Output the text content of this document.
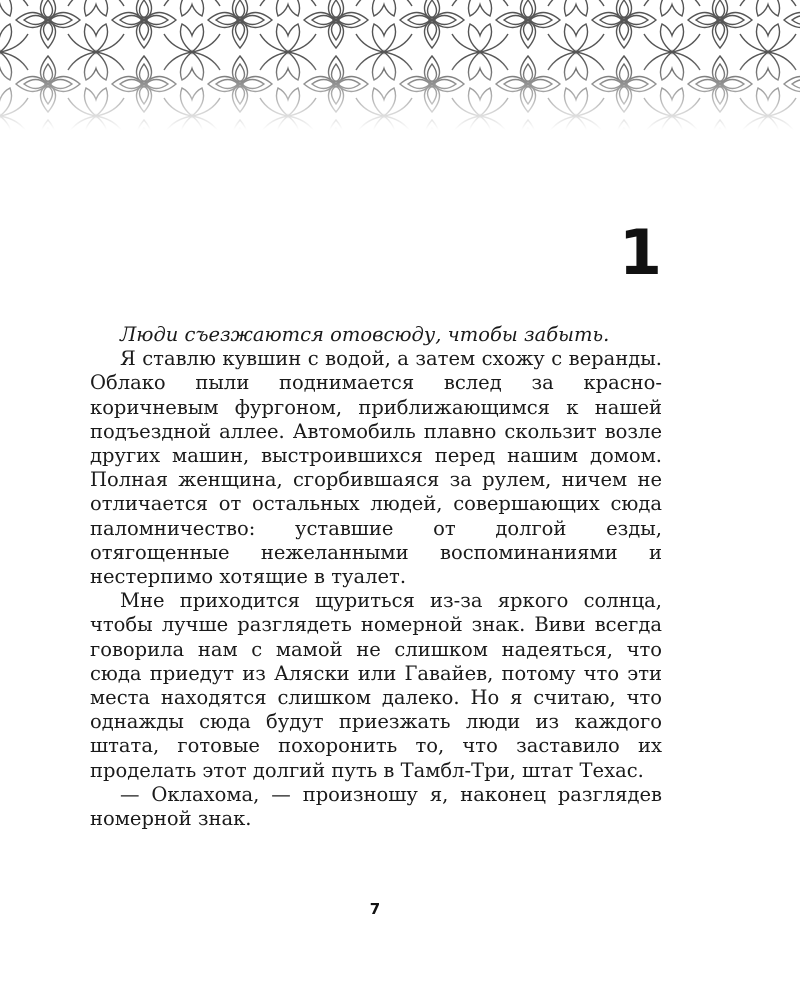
1

Люди съезжаются отовсюду, чтобы забыть.

Я ставлю кувшин с водой, а затем схожу с веранды. Облако пыли поднимается вслед за красно-коричневым фургоном, приближающимся к нашей подъездной аллее. Автомобиль плавно скользит возле других машин, выстроившихся перед нашим домом. Полная женщина, сгорбившаяся за рулем, ничем не отличается от остальных людей, совершающих сюда паломничество: уставшие от долгой езды, отягощенные нежеланными воспоминаниями и нестерпимо хотящие в туалет.

Мне приходится щуриться из-за яркого солнца, чтобы лучше разглядеть номерной знак. Виви всегда говорила нам с мамой не слишком надеяться, что сюда приедут из Аляски или Гавайев, потому что эти места находятся слишком далеко. Но я считаю, что однажды сюда будут приезжать люди из каждого штата, готовые похоронить то, что заставило их проделать этот долгий путь в Тамбл-Три, штат Техас.

— Оклахома, — произношу я, наконец разглядев номерной знак.

7
